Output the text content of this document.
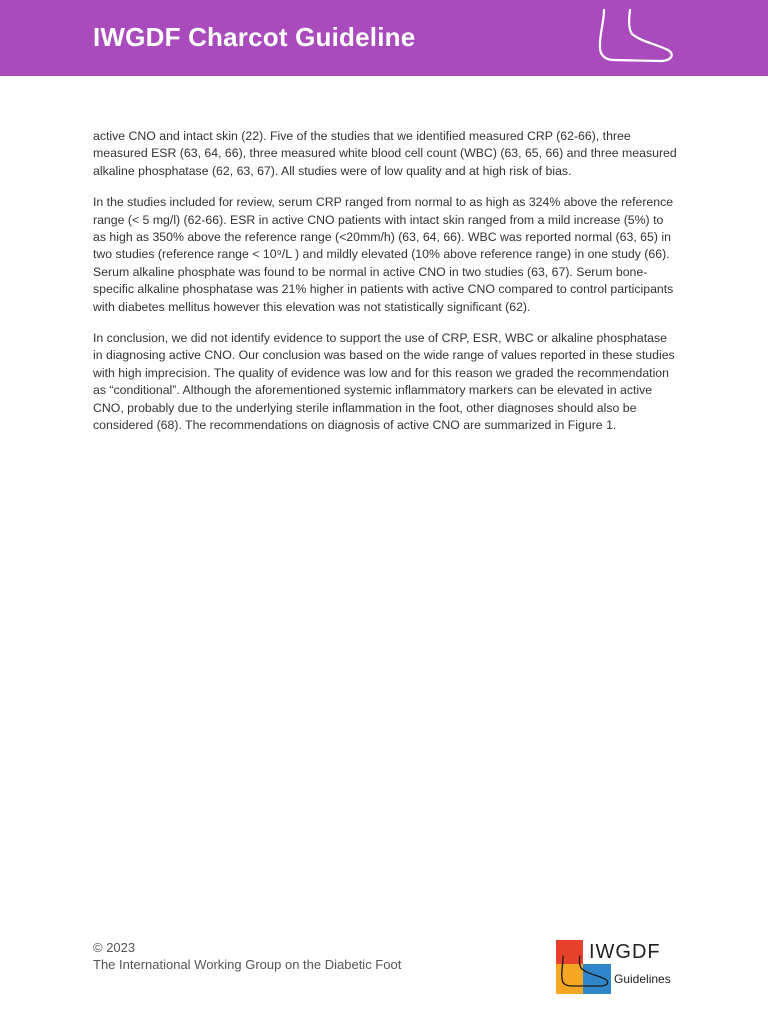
IWGDF Charcot Guideline

active CNO and intact skin (22). Five of the studies that we identified measured CRP (62-66), three measured ESR (63, 64, 66), three measured white blood cell count (WBC) (63, 65, 66) and three measured alkaline phosphatase (62, 63, 67). All studies were of low quality and at high risk of bias.

In the studies included for review, serum CRP ranged from normal to as high as 324% above the reference range (< 5 mg/l) (62-66). ESR in active CNO patients with intact skin ranged from a mild increase (5%) to as high as 350% above the reference range (<20mm/h) (63, 64, 66). WBC was reported normal (63, 65) in two studies (reference range < 10⁹/L ) and mildly elevated (10% above reference range) in one study (66). Serum alkaline phosphate was found to be normal in active CNO in two studies (63, 67). Serum bone-specific alkaline phosphatase was 21% higher in patients with active CNO compared to control participants with diabetes mellitus however this elevation was not statistically significant (62).

In conclusion, we did not identify evidence to support the use of CRP, ESR, WBC or alkaline phosphatase in diagnosing active CNO. Our conclusion was based on the wide range of values reported in these studies with high imprecision. The quality of evidence was low and for this reason we graded the recommendation as “conditional”. Although the aforementioned systemic inflammatory markers can be elevated in active CNO, probably due to the underlying sterile inflammation in the foot, other diagnoses should also be considered (68). The recommendations on diagnosis of active CNO are summarized in Figure 1.

© 2023
The International Working Group on the Diabetic Foot
IWGDF
Guidelines
